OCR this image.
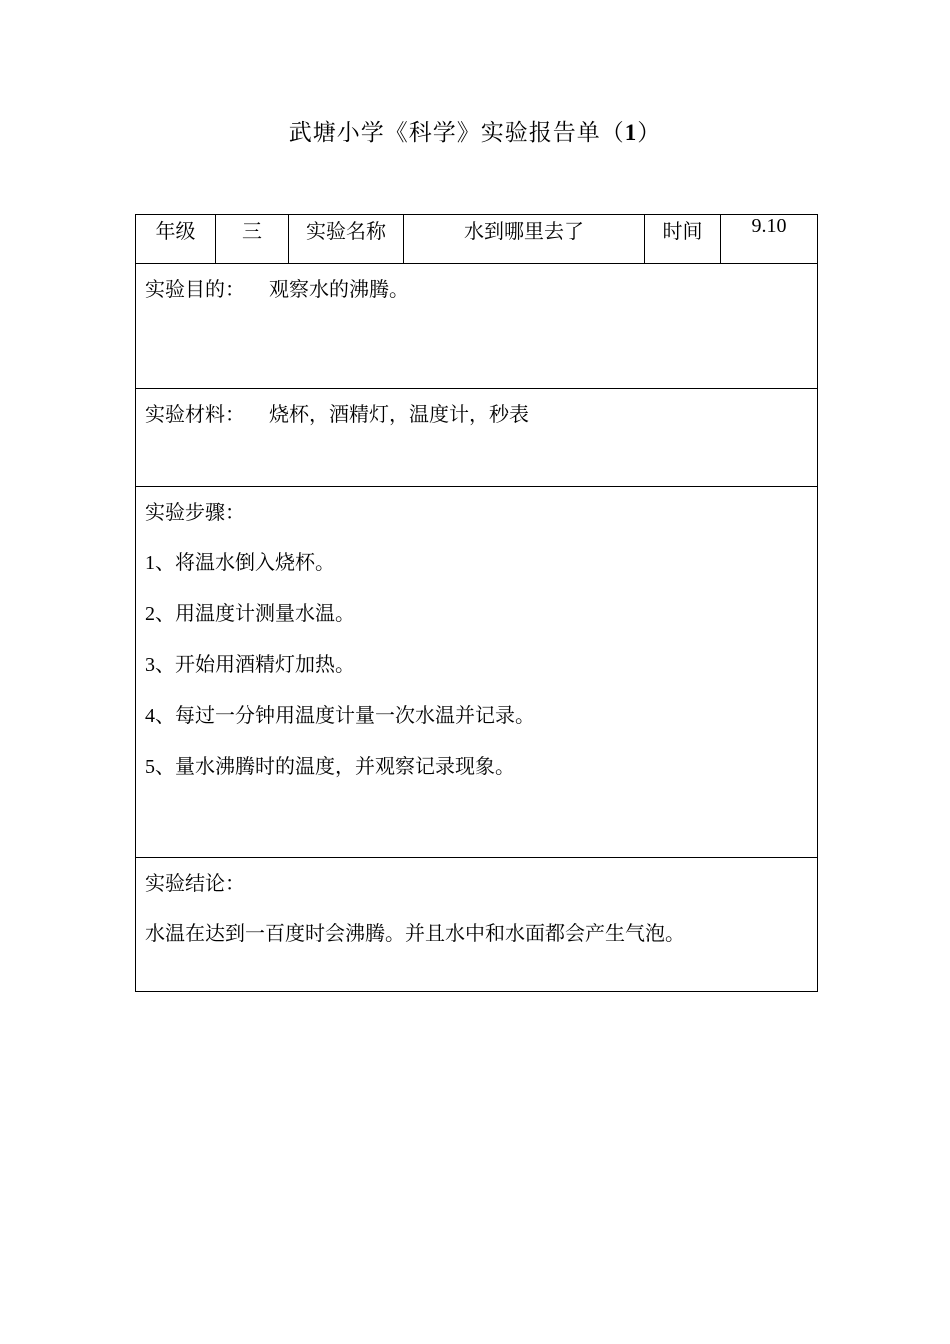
武塘小学《科学》实验报告单（1）
年级	三	实验名称	水到哪里去了	时间	9.10
实验目的： 观察水的沸腾。
实验材料： 烧杯，酒精灯，温度计，秒表

实验步骤：
1、将温水倒入烧杯。
2、用温度计测量水温。
3、开始用酒精灯加热。
4、每过一分钟用温度计量一次水温并记录。
5、量水沸腾时的温度，并观察记录现象。

实验结论：
水温在达到一百度时会沸腾。并且水中和水面都会产生气泡。
